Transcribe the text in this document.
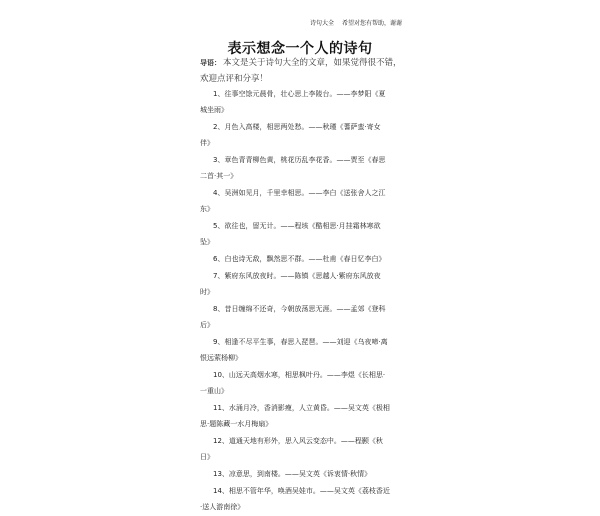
诗句大全 希望对您有帮助，谢谢
表示想念一个人的诗句
导语： 本文是关于诗句大全的文章，如果觉得很不错，欢迎点评和分享！
1、往事空馀元晨骨，壮心思上李陵台。——李梦阳《夏城坐雨》
2、月色入高楼，相思两处愁。——秋瑾《蓍萨蛮·寄女伴》
3、章色青青柳色黄，桃花历乱李花香。——贾至《春思二首·其一》
4、吴洲如见月，千里幸相思。——李白《送张舍人之江东》
5、欲往也，留无计。——程垓《酷相思·月挂霜林寒欲坠》
6、白也诗无敌，飘然思不群。——杜甫《春日忆李白》
7、紫府东风放夜时。——陈镇《思越人·紫府东风放夜时》
8、昔日缠绵不还奇，今朝放荡思无涯。——孟郊《登科后》
9、相逢不尽平生事，春思入琵琶。——刘迎《乌夜啼·离恨远萦杨柳》
10、山远天高烟水寒，相思枫叶丹。——李煜《长相思·一重山》
11、水涌月冷，香消影瘦，人立黄昏。——吴文英《极相思·题陈藏一水月梅扇》
12、道通天地有形外，思入风云变态中。——程颢《秋日》
13、凉意思，到南楼。——吴文英《诉衷情·秋情》
14、相思不管年华，唤酒吴娃市。——吴文英《荔枝香近·送人游南徐》
